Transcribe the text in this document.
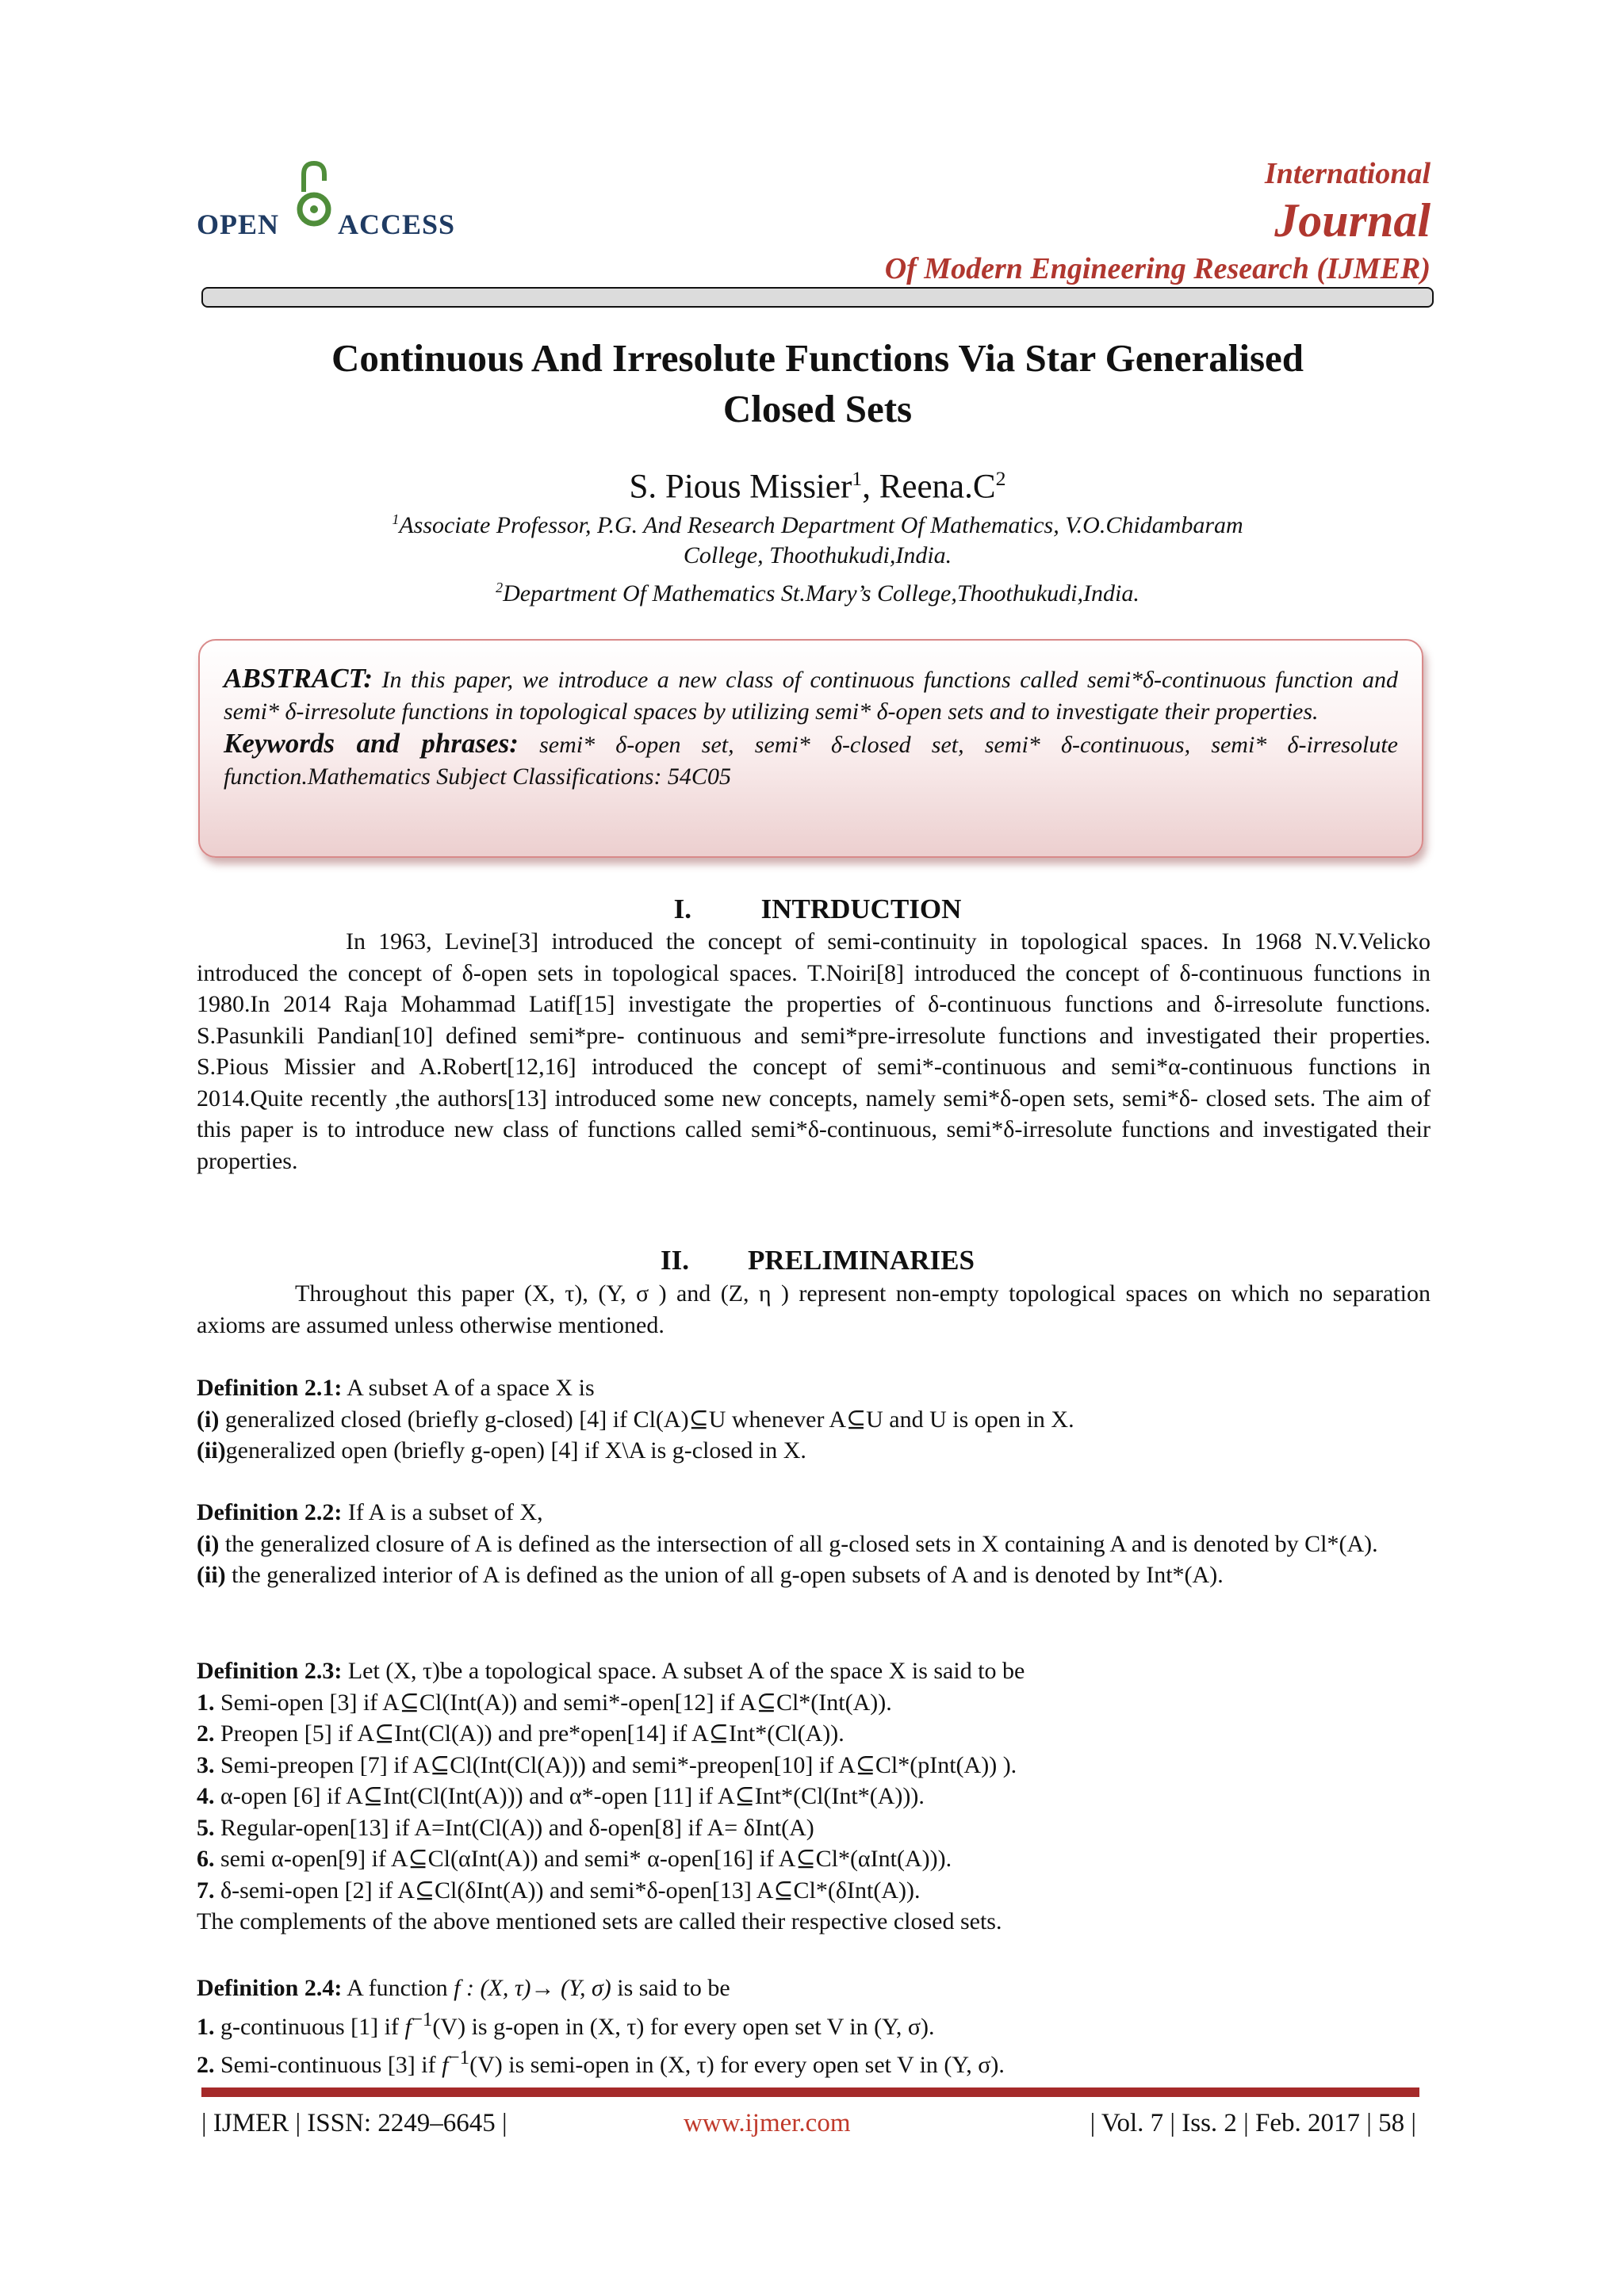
OPEN ACCESS
International
Journal
Of Modern Engineering Research (IJMER)
Continuous And Irresolute Functions Via Star Generalised
Closed Sets
S. Pious Missier$^1$, $Reena.C^2$
$^1$Associate Professor, P.G. And Research Department Of Mathematics, V.O.Chidambaram
College, Thoothukudi,India.
$^2$Department Of Mathematics St.Mary’s College,Thoothukudi,India.

ABSTRACT: In this paper, we introduce a new class of continuous functions called semi*δ-continuous function and semi* δ-irresolute functions in topological spaces by utilizing semi* δ-open sets and to investigate their properties.

Keywords and phrases: semi* δ-open set, semi* δ-closed set, semi* δ-continuous, semi* δ-irresolute function.Mathematics Subject Classifications: 54C05

I.	INTRDUCTION

In 1963, Levine[3] introduced the concept of semi-continuity in topological spaces. In 1968 N.V.Velicko introduced the concept of δ-open sets in topological spaces. T.Noiri[8] introduced the concept of δ-continuous functions in 1980.In 2014 Raja Mohammad Latif[15] investigate the properties of δ-continuous functions and δ-irresolute functions. S.Pasunkili Pandian[10] defined semi*pre- continuous and semi*pre-irresolute functions and investigated their properties. S.Pious Missier and A.Robert[12,16] introduced the concept of semi*-continuous and semi*α-continuous functions in 2014.Quite recently ,the authors[13] introduced some new concepts, namely semi*δ-open sets, semi*δ- closed sets. The aim of this paper is to introduce new class of functions called semi*δ-continuous, semi*δ-irresolute functions and investigated their properties.

II. PRELIMINARIES

Throughout this paper (X, τ), (Y, σ ) and (Z, η ) represent non-empty topological spaces on which no separation axioms are assumed unless otherwise mentioned.

Definition 2.1: A subset A of a space X is
(i) generalized closed (briefly g-closed) [4] if Cl(A)⊆U whenever A⊆U and U is open in X.
(ii)generalized open (briefly g-open) [4] if X\A is g-closed in X.
Definition 2.2: If A is a subset of X,
(i) the generalized closure of A is defined as the intersection of all g-closed sets in X containing A and is denoted by Cl*(A).
(ii) the generalized interior of A is defined as the union of all g-open subsets of A and is denoted by Int*(A).
Definition 2.3: Let (X, τ)be a topological space. A subset A of the space X is said to be
1. Semi-open [3] if A⊆Cl(Int(A)) and semi*-open[12] if A⊆Cl*(Int(A)).
2. Preopen [5] if A⊆Int(Cl(A)) and pre*open[14] if A⊆Int*(Cl(A)).
3. Semi-preopen [7] if A⊆Cl(Int(Cl(A))) and semi*-preopen[10] if A⊆Cl*(pInt(A)) ).
4. α-open [6] if A⊆Int(Cl(Int(A))) and α*-open [11] if A⊆Int*(Cl(Int*(A))).
5. Regular-open[13] if A=Int(Cl(A)) and δ-open[8] if A= δInt(A)
6. semi α-open[9] if A⊆Cl(αInt(A)) and semi* α-open[16] if A⊆Cl*(αInt(A))).
7. δ-semi-open [2] if A⊆Cl(δInt(A)) and semi*δ-open[13] A⊆Cl*(δInt(A)).
The complements of the above mentioned sets are called their respective closed sets.
Definition 2.4: A function f : (X, τ)→ (Y, σ) is said to be
1. g-continuous [1] if $f^{-1}(V)$ is g-open in (X, τ) for every open set V in (Y, σ).
2. Semi-continuous [3] if $f^{-1}(V)$ is semi-open in (X, τ) for every open set V in (Y, σ).
| IJMER | ISSN: 2249–6645 |	www.ijmer.com	| Vol. 7 | Iss. 2 | Feb. 2017 | 58 |
